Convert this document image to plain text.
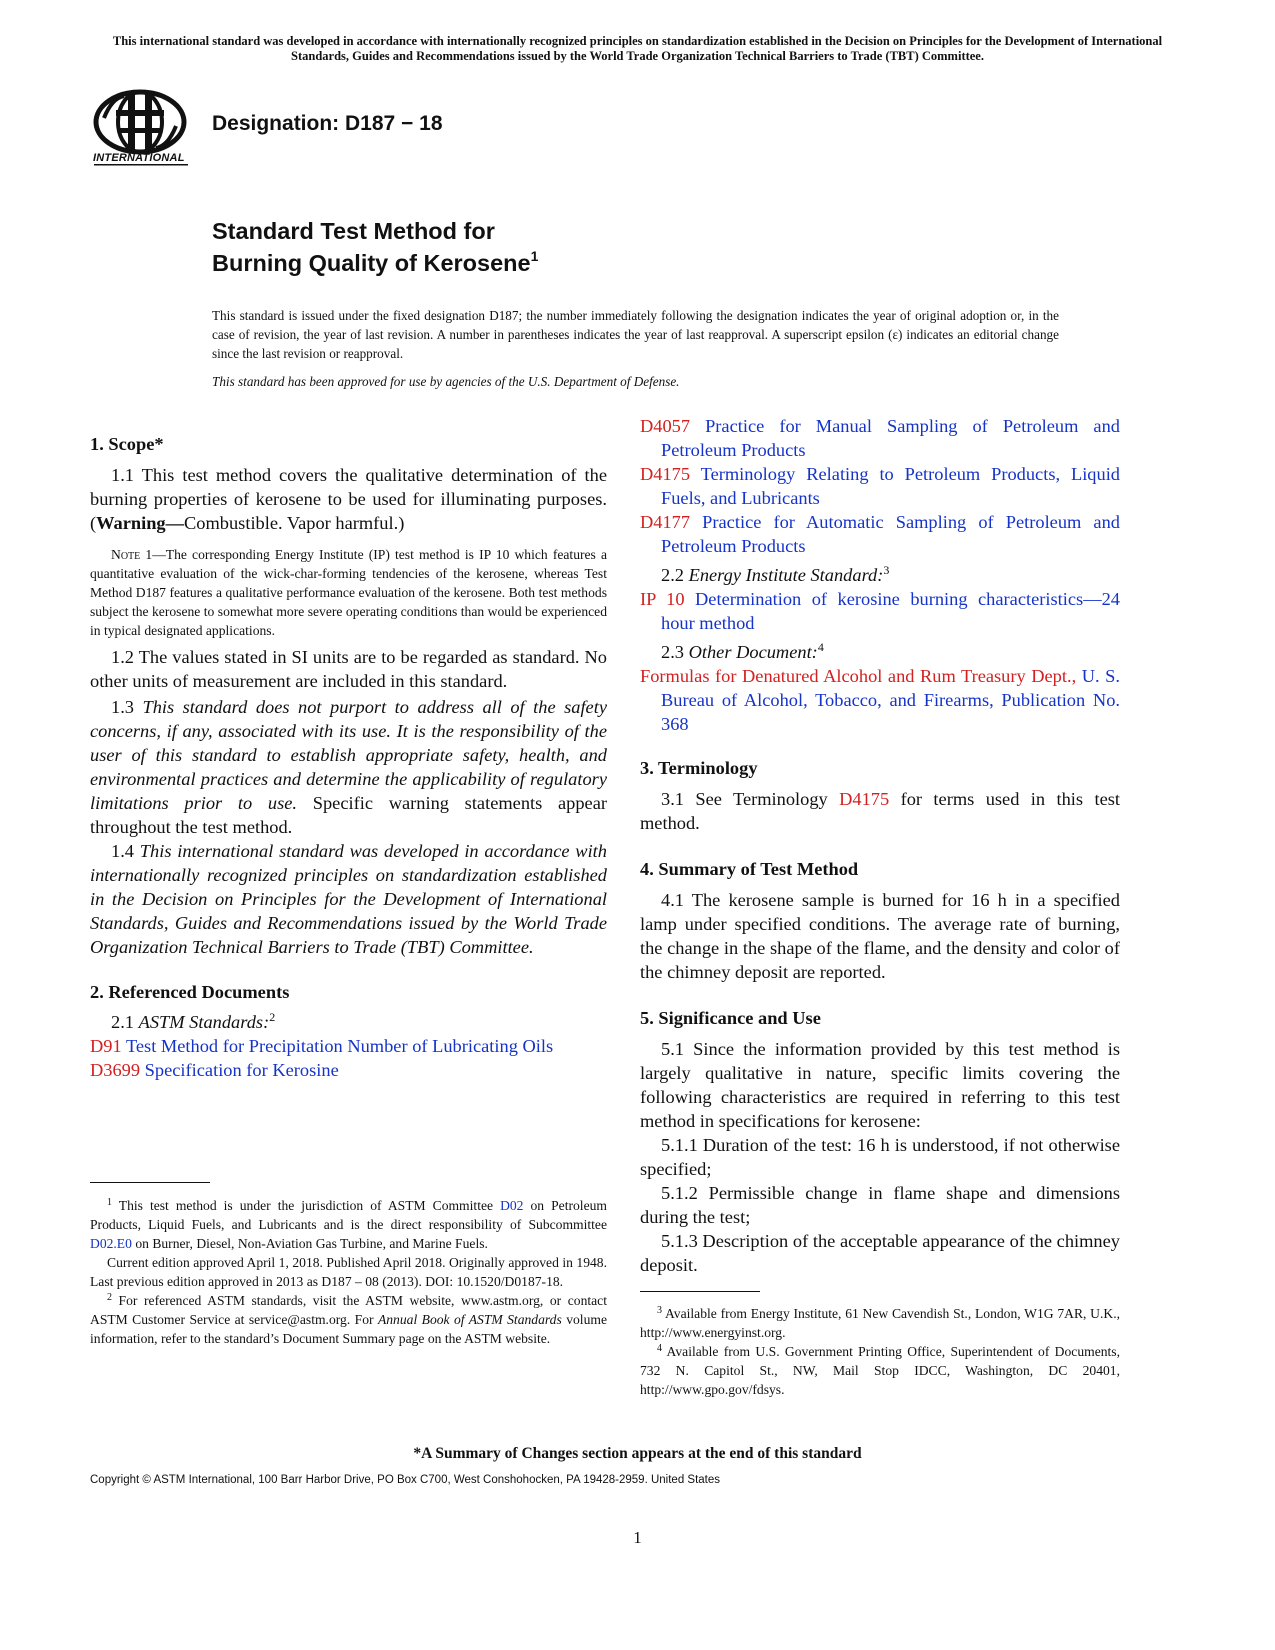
This international standard was developed in accordance with internationally recognized principles on standardization established in the Decision on Principles for the Development of International Standards, Guides and Recommendations issued by the World Trade Organization Technical Barriers to Trade (TBT) Committee.
INTERNATIONAL
Designation: D187 − 18
Standard Test Method for
Burning Quality of Kerosene$^1$
This standard is issued under the fixed designation D187; the number immediately following the designation indicates the year of original adoption or, in the case of revision, the year of last revision. A number in parentheses indicates the year of last reapproval. A superscript epsilon (ε) indicates an editorial change since the last revision or reapproval.
This standard has been approved for use by agencies of the U.S. Department of Defense.

1. Scope*

1.1 This test method covers the qualitative determination of the burning properties of kerosene to be used for illuminating purposes. (Warning—Combustible. Vapor harmful.)

Note 1—The corresponding Energy Institute (IP) test method is IP 10 which features a quantitative evaluation of the wick-char-forming tendencies of the kerosene, whereas Test Method D187 features a qualitative performance evaluation of the kerosene. Both test methods subject the kerosene to somewhat more severe operating conditions than would be experienced in typical designated applications.

1.2 The values stated in SI units are to be regarded as standard. No other units of measurement are included in this standard.

1.3 This standard does not purport to address all of the safety concerns, if any, associated with its use. It is the responsibility of the user of this standard to establish appropriate safety, health, and environmental practices and determine the applicability of regulatory limitations prior to use. Specific warning statements appear throughout the test method.

1.4 This international standard was developed in accordance with internationally recognized principles on standardization established in the Decision on Principles for the Development of International Standards, Guides and Recommendations issued by the World Trade Organization Technical Barriers to Trade (TBT) Committee.

2. Referenced Documents

2.1 ASTM Standards:$^2$

D91 Test Method for Precipitation Number of Lubricating Oils

D3699 Specification for Kerosine

$^1$ This test method is under the jurisdiction of ASTM Committee D02 on Petroleum Products, Liquid Fuels, and Lubricants and is the direct responsibility of Subcommittee D02.E0 on Burner, Diesel, Non-Aviation Gas Turbine, and Marine Fuels.

Current edition approved April 1, 2018. Published April 2018. Originally approved in 1948. Last previous edition approved in 2013 as D187 – 08 (2013). DOI: 10.1520/D0187-18.

$^2$ For referenced ASTM standards, visit the ASTM website, www.astm.org, or contact ASTM Customer Service at service@astm.org. For Annual Book of ASTM Standards volume information, refer to the standard’s Document Summary page on the ASTM website.

D4057 Practice for Manual Sampling of Petroleum and Petroleum Products

D4175 Terminology Relating to Petroleum Products, Liquid Fuels, and Lubricants

D4177 Practice for Automatic Sampling of Petroleum and Petroleum Products

2.2 Energy Institute Standard:$^3$

IP 10 Determination of kerosine burning characteristics—24 hour method

2.3 Other Document:$^4$

Formulas for Denatured Alcohol and Rum Treasury Dept., U. S. Bureau of Alcohol, Tobacco, and Firearms, Publication No. 368

3. Terminology

3.1 See Terminology D4175 for terms used in this test method.

4. Summary of Test Method

4.1 The kerosene sample is burned for 16 h in a specified lamp under specified conditions. The average rate of burning, the change in the shape of the flame, and the density and color of the chimney deposit are reported.

5. Significance and Use

5.1 Since the information provided by this test method is largely qualitative in nature, specific limits covering the following characteristics are required in referring to this test method in specifications for kerosene:

5.1.1 Duration of the test: 16 h is understood, if not otherwise specified;

5.1.2 Permissible change in flame shape and dimensions during the test;

5.1.3 Description of the acceptable appearance of the chimney deposit.

$^3$ Available from Energy Institute, 61 New Cavendish St., London, W1G 7AR, U.K., http://www.energyinst.org.

$^4$ Available from U.S. Government Printing Office, Superintendent of Documents, 732 N. Capitol St., NW, Mail Stop IDCC, Washington, DC 20401, http://www.gpo.gov/fdsys.

*A Summary of Changes section appears at the end of this standard
Copyright © ASTM International, 100 Barr Harbor Drive, PO Box C700, West Conshohocken, PA 19428-2959. United States
1
